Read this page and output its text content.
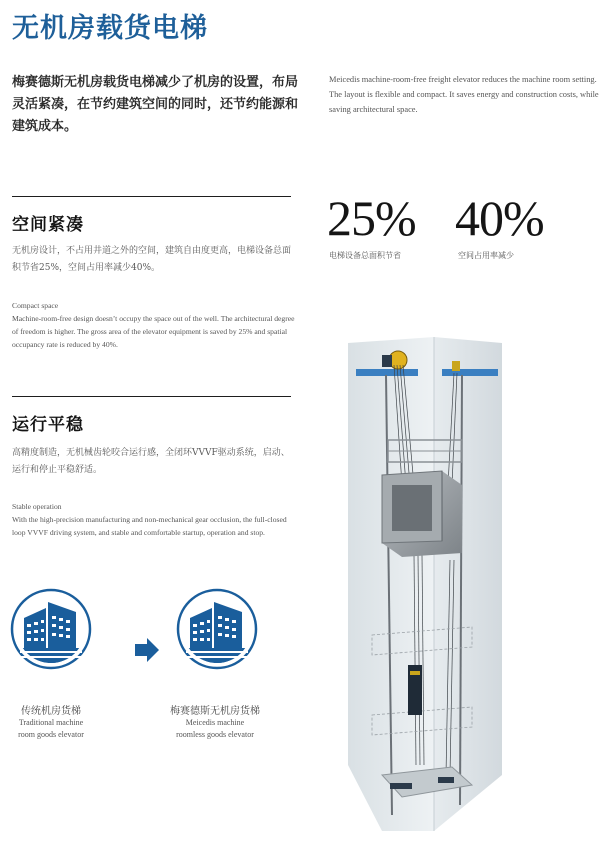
无机房载货电梯
梅赛德斯无机房载货电梯减少了机房的设置，布局灵活紧凑，在节约建筑空间的同时，还节约能源和建筑成本。
Meicedis machine-room-free freight elevator reduces the machine room setting. The layout is flexible and compact. It saves energy and construction costs, while saving architectural space.
空间紧凑
无机房设计，不占用井道之外的空间，建筑自由度更高，电梯设备总面积节省25%，空间占用率减少40%。
Compact space
Machine-room-free design doesn’t occupy the space out of the well. The architectural degree of freedom is higher. The gross area of the elevator equipment is saved by 25% and spatial occupancy rate is reduced by 40%.
25%
电梯设备总面积节省
40%
空间占用率减少
运行平稳
高精度制造，无机械齿轮咬合运行感，全闭环VVVF驱动系统，启动、运行和停止平稳舒适。
Stable operation
With the high-precision manufacturing and non-mechanical gear occlusion, the full-closed loop VVVF driving system, and stable and comfortable startup, operation and stop.
传统机房货梯
Traditional machine
room goods elevator
梅赛德斯无机房货梯
Meicedis machine
roomless goods elevator
